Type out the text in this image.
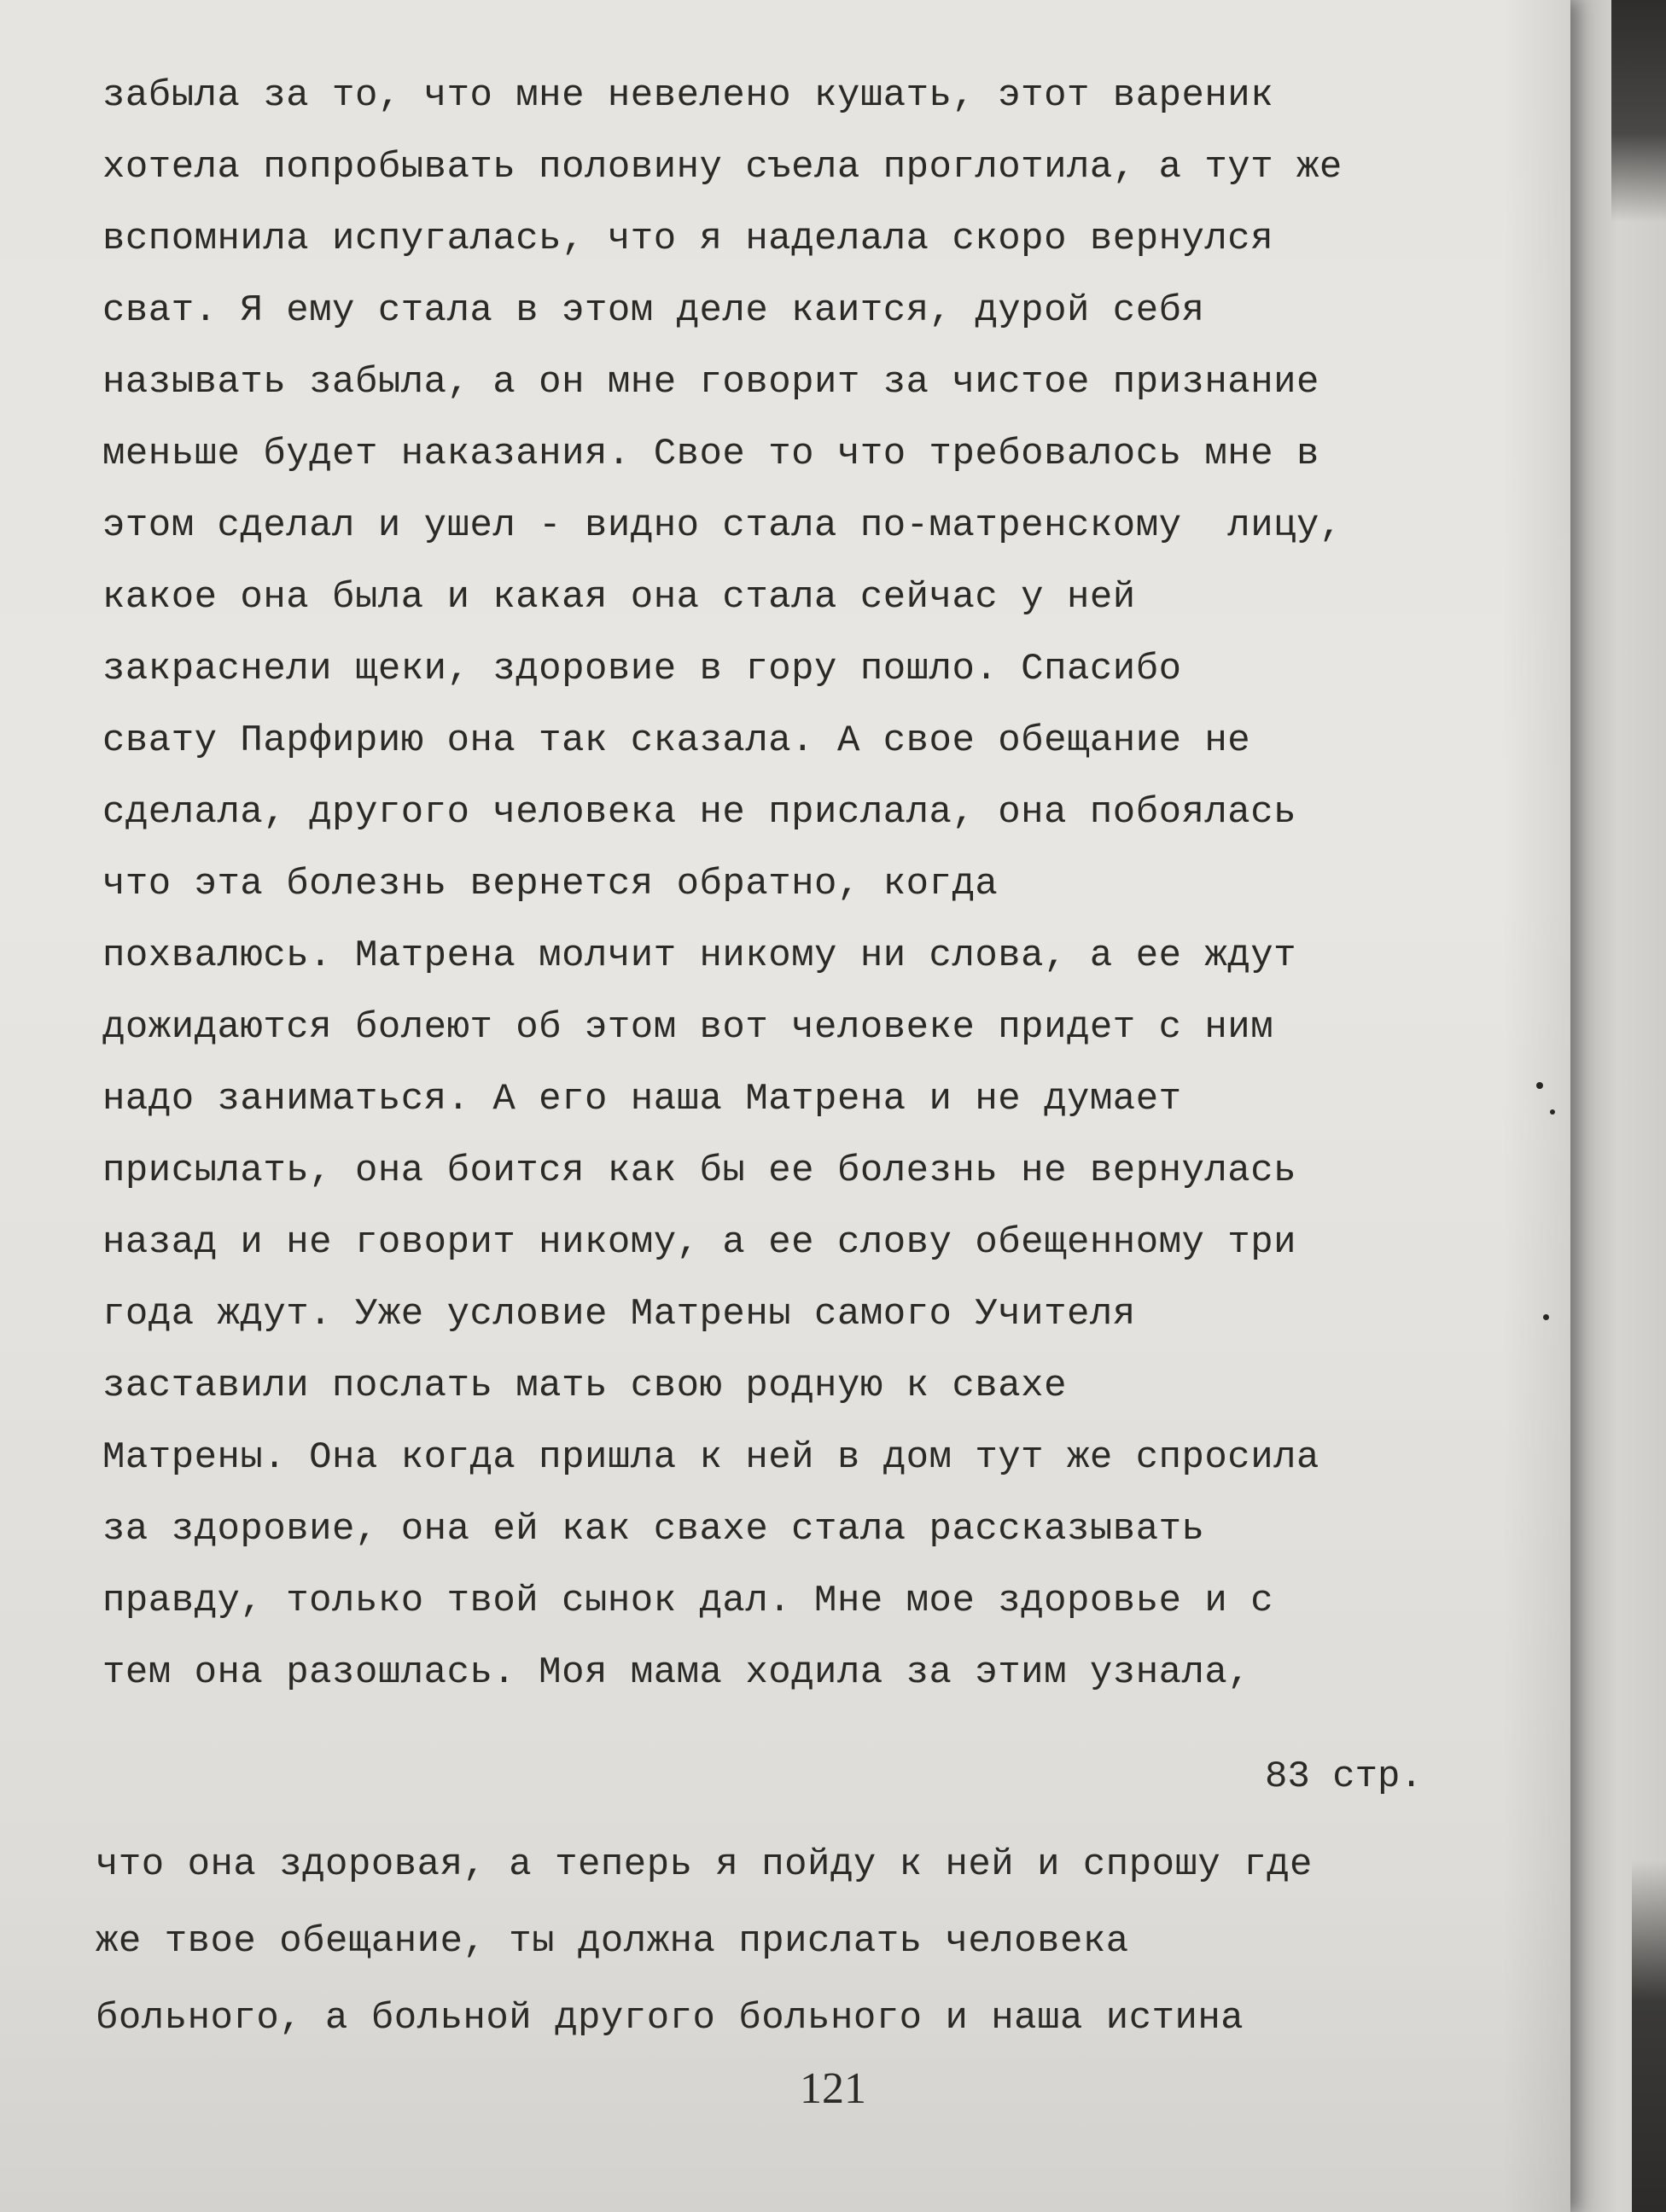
забыла за то, что мне невелено кушать, этот вареник
хотела попробывать половину съела проглотила, а тут же
вспомнила испугалась, что я наделала скоро вернулся
сват. Я ему стала в этом деле каится, дурой себя
называть забыла, а он мне говорит за чистое признание
меньше будет наказания. Свое то что требовалось мне в
этом сделал и ушел - видно стала по-матренскому  лицу,
какое она была и какая она стала сейчас у ней
закраснели щеки, здоровие в гору пошло. Спасибо
свату Парфирию она так сказала. А свое обещание не
сделала, другого человека не прислала, она побоялась
что эта болезнь вернется обратно, когда
похвалюсь. Матрена молчит никому ни слова, а ее ждут
дожидаются болеют об этом вот человеке придет с ним
надо заниматься. А его наша Матрена и не думает
присылать, она боится как бы ее болезнь не вернулась
назад и не говорит никому, а ее слову обещенному три
года ждут. Уже условие Матрены самого Учителя
заставили послать мать свою родную к свахе
Матрены. Она когда пришла к ней в дом тут же спросила
за здоровие, она ей как свахе стала рассказывать
правду, только твой сынок дал. Мне мое здоровье и с
тем она разошлась. Моя мама ходила за этим узнала,
83 стр.
что она здоровая, а теперь я пойду к ней и спрошу где
же твое обещание, ты должна прислать человека
больного, а больной другого больного и наша истина
121
